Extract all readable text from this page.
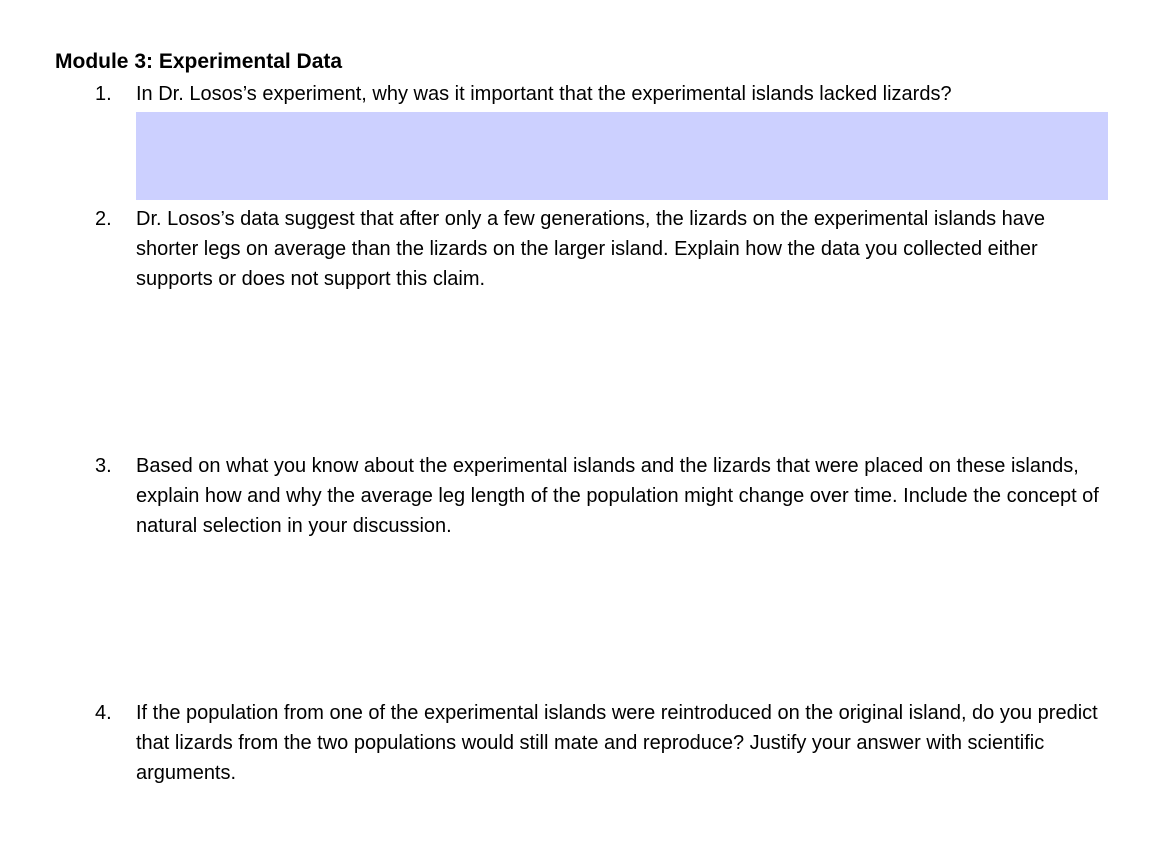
Module 3: Experimental Data
1. In Dr. Losos’s experiment, why was it important that the experimental islands lacked lizards?
2. Dr. Losos’s data suggest that after only a few generations, the lizards on the experimental islands have shorter legs on average than the lizards on the larger island. Explain how the data you collected either supports or does not support this claim.
3. Based on what you know about the experimental islands and the lizards that were placed on these islands, explain how and why the average leg length of the population might change over time. Include the concept of natural selection in your discussion.
4. If the population from one of the experimental islands were reintroduced on the original island, do you predict that lizards from the two populations would still mate and reproduce? Justify your answer with scientific arguments.
